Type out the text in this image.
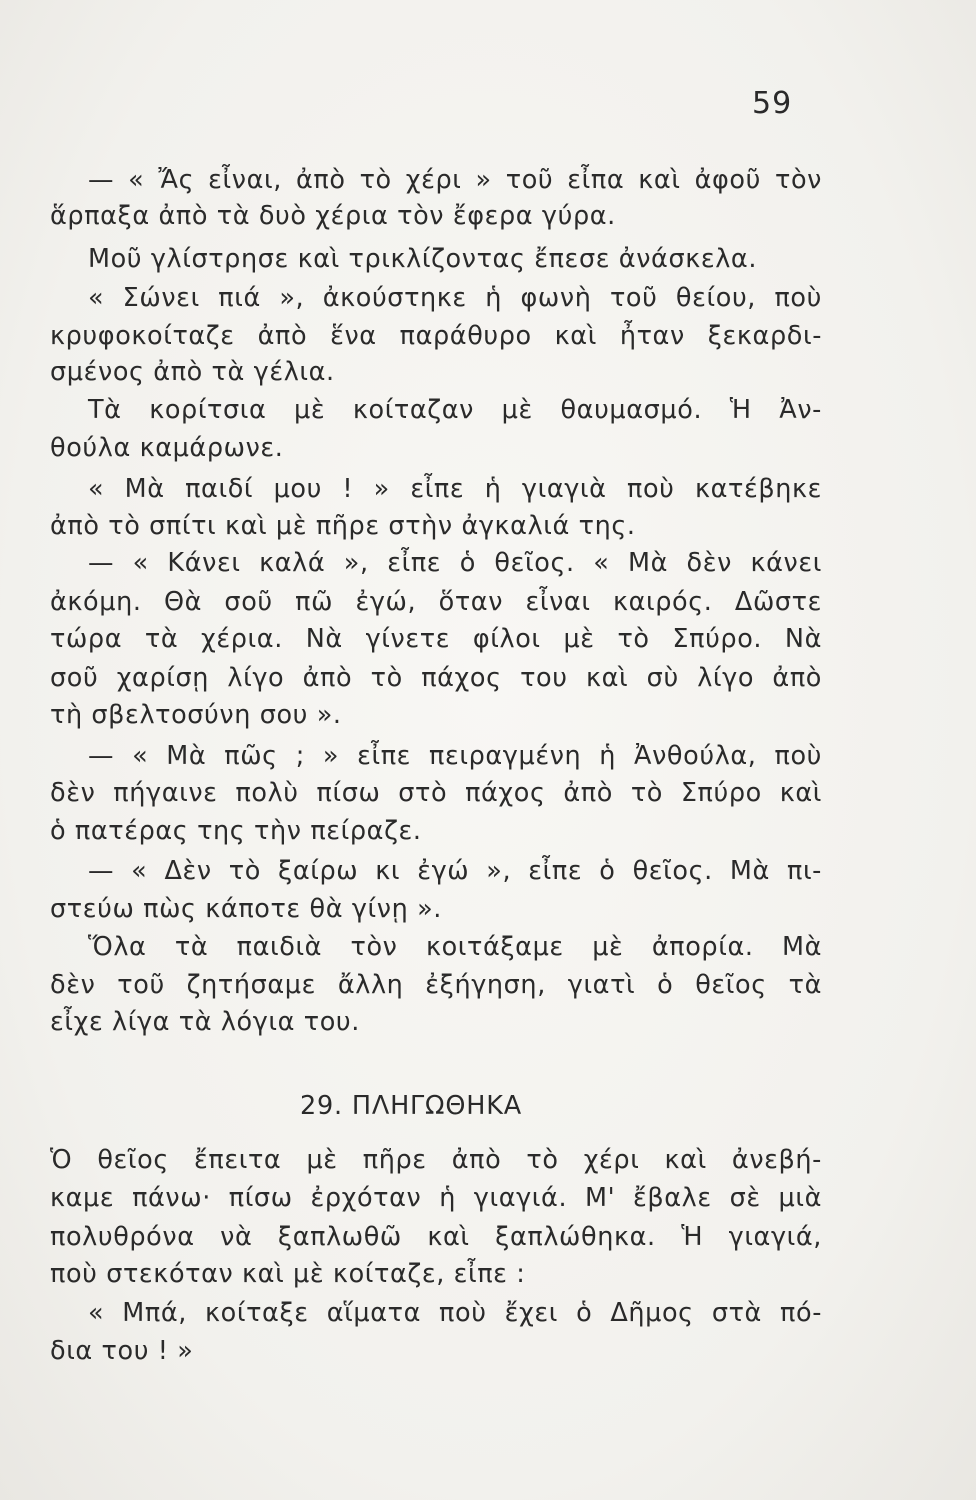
59
— « Ἄς εἶναι, ἀπὸ τὸ χέρι » τοῦ εἶπα καὶ ἀφοῦ τὸν
ἅρπαξα ἀπὸ τὰ δυὸ χέρια τὸν ἔφερα γύρα.
Μοῦ γλίστρησε καὶ τρικλίζοντας ἔπεσε ἀνάσκελα.
« Σώνει πιά », ἀκούστηκε ἡ φωνὴ τοῦ θείου, ποὺ
κρυφοκοίταζε ἀπὸ ἕνα παράθυρο καὶ ἦταν ξεκαρδι-
σμένος ἀπὸ τὰ γέλια.
Τὰ κορίτσια μὲ κοίταζαν μὲ θαυμασμό. Ἡ Ἀν-
θούλα καμάρωνε.
« Μὰ παιδί μου ! » εἶπε ἡ γιαγιὰ ποὺ κατέβηκε
ἀπὸ τὸ σπίτι καὶ μὲ πῆρε στὴν ἀγκαλιά της.
— « Κάνει καλά », εἶπε ὁ θεῖος. « Μὰ δὲν κάνει
ἀκόμη. Θὰ σοῦ πῶ ἐγώ, ὅταν εἶναι καιρός. Δῶστε
τώρα τὰ χέρια. Νὰ γίνετε φίλοι μὲ τὸ Σπύρο. Νὰ
σοῦ χαρίσῃ λίγο ἀπὸ τὸ πάχος του καὶ σὺ λίγο ἀπὸ
τὴ σβελτοσύνη σου ».
— « Μὰ πῶς ; » εἶπε πειραγμένη ἡ Ἀνθούλα, ποὺ
δὲν πήγαινε πολὺ πίσω στὸ πάχος ἀπὸ τὸ Σπύρο καὶ
ὁ πατέρας της τὴν πείραζε.
— « Δὲν τὸ ξαίρω κι ἐγώ », εἶπε ὁ θεῖος. Μὰ πι-
στεύω πὼς κάποτε θὰ γίνῃ ».
Ὅλα τὰ παιδιὰ τὸν κοιτάξαμε μὲ ἀπορία. Μὰ
δὲν τοῦ ζητήσαμε ἄλλη ἐξήγηση, γιατὶ ὁ θεῖος τὰ
εἶχε λίγα τὰ λόγια του.
29. ΠΛΗΓΩΘΗΚΑ
Ὁ θεῖος ἔπειτα μὲ πῆρε ἀπὸ τὸ χέρι καὶ ἀνεβή-
καμε πάνω· πίσω ἐρχόταν ἡ γιαγιά. Μ' ἔβαλε σὲ μιὰ
πολυθρόνα νὰ ξαπλωθῶ καὶ ξαπλώθηκα. Ἡ γιαγιά,
ποὺ στεκόταν καὶ μὲ κοίταζε, εἶπε :
« Μπά, κοίταξε αἵματα ποὺ ἔχει ὁ Δῆμος στὰ πό-
δια του ! »
